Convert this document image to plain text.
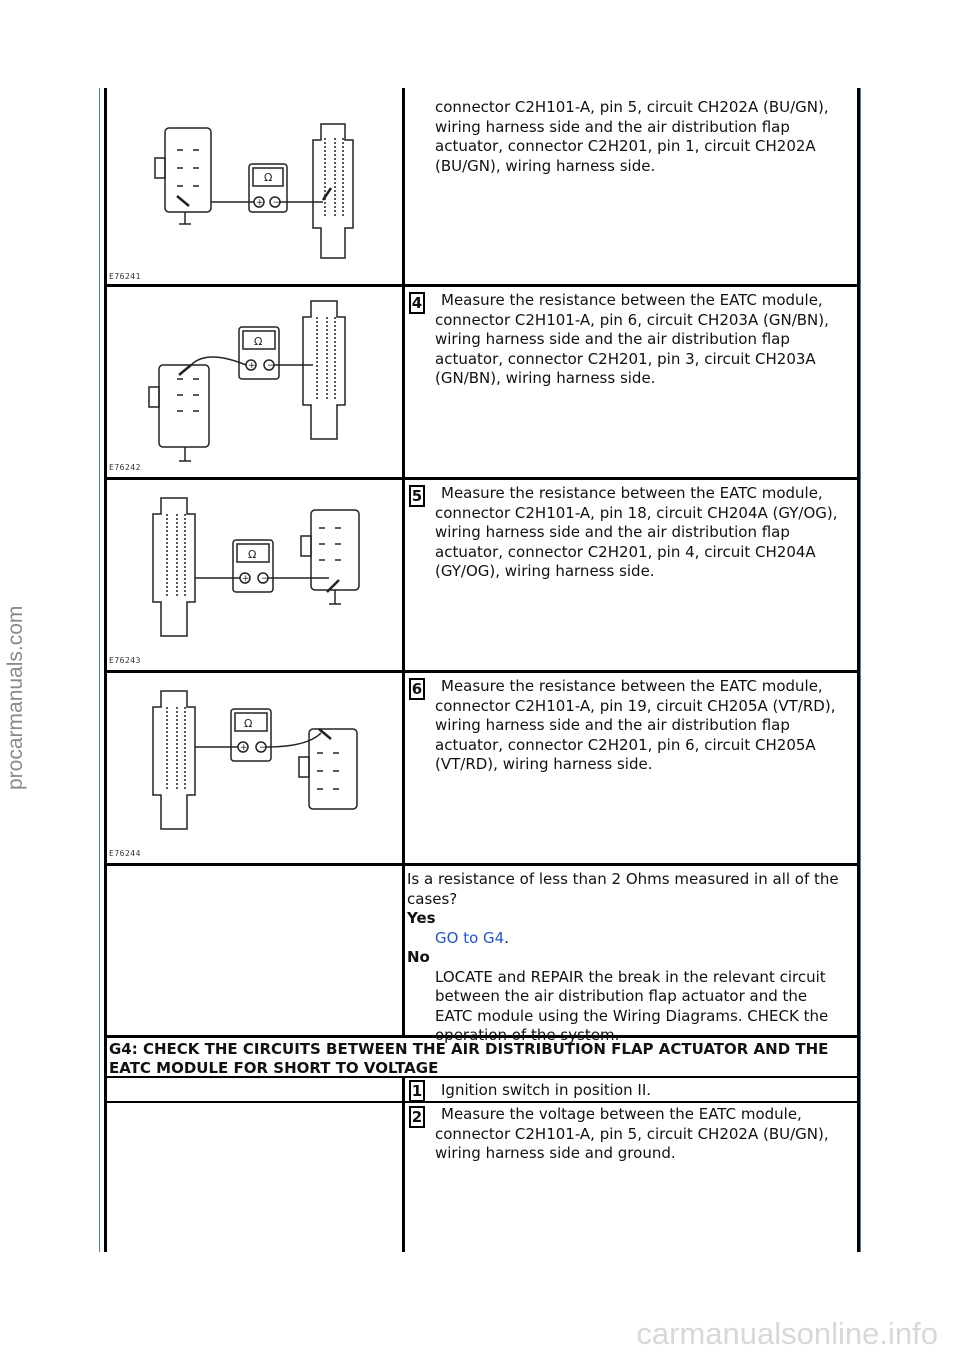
procarmanuals.com
carmanualsonline.info
Ω
+ −
E76241

connector C2H101-A, pin 5, circuit CH202A (BU/GN), wiring harness side and the air distribution flap actuator, connector C2H201, pin 1, circuit CH202A (BU/GN), wiring harness side.

Ω
+ −
E76242
4	Measure the resistance between the EATC module, connector C2H101-A, pin 6, circuit CH203A (GN/BN), wiring harness side and the air distribution flap actuator, connector C2H201, pin 3, circuit CH203A (GN/BN), wiring harness side.

Ω
+ −
E76243
5	Measure the resistance between the EATC module, connector C2H101-A, pin 18, circuit CH204A (GY/OG), wiring harness side and the air distribution flap actuator, connector C2H201, pin 4, circuit CH204A (GY/OG), wiring harness side.

Ω
+ −
E76244
6	Measure the resistance between the EATC module, connector C2H101-A, pin 19, circuit CH205A (VT/RD), wiring harness side and the air distribution flap actuator, connector C2H201, pin 6, circuit CH205A (VT/RD), wiring harness side.

Is a resistance of less than 2 Ohms measured in all of the cases?

Yes

GO to G4.

No

LOCATE and REPAIR the break in the relevant circuit between the air distribution flap actuator and the EATC module using the Wiring Diagrams. CHECK the operation of the system.

G4: CHECK THE CIRCUITS BETWEEN THE AIR DISTRIBUTION FLAP ACTUATOR AND THE EATC MODULE FOR SHORT TO VOLTAGE
1 Ignition switch in position II.

2	Measure the voltage between the EATC module, connector C2H101-A, pin 5, circuit CH202A (BU/GN), wiring harness side and ground.
